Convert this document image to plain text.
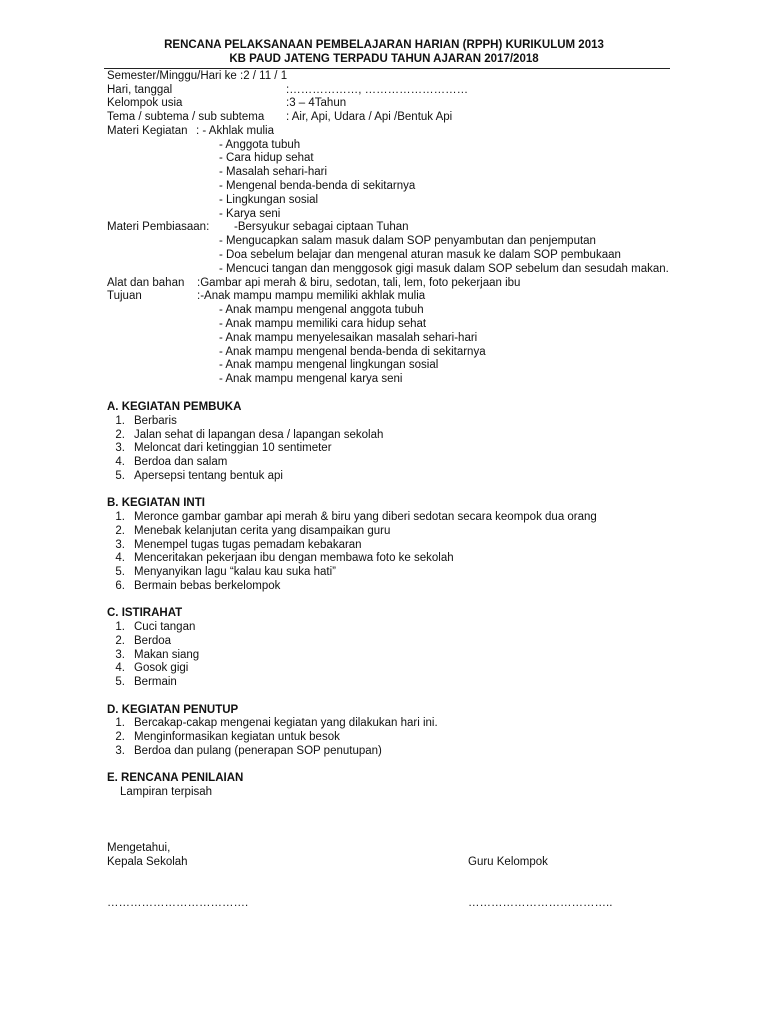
RENCANA PELAKSANAAN PEMBELAJARAN HARIAN (RPPH) KURIKULUM 2013
KB PAUD JATENG TERPADU TAHUN AJARAN 2017/2018
Semester/Minggu/Hari ke :2 / 11 / 1
Hari, tanggal	:………………, ………………………
Kelompok usia	:3 – 4Tahun
Tema / subtema / sub subtema : Air, Api, Udara / Api /Bentuk Api
Materi Kegiatan : - Akhlak mulia
- Anggota tubuh
- Cara hidup sehat
- Masalah sehari-hari
- Mengenal benda-benda di sekitarnya
- Lingkungan sosial
- Karya seni
Materi Pembiasaan: -Bersyukur sebagai ciptaan Tuhan
- Mengucapkan salam masuk dalam SOP penyambutan dan penjemputan
- Doa sebelum belajar dan mengenal aturan masuk ke dalam SOP pembukaan
- Mencuci tangan dan menggosok gigi masuk dalam SOP sebelum dan sesudah makan.
Alat dan bahan :Gambar api merah & biru, sedotan, tali, lem, foto pekerjaan ibu
Tujuan	:-Anak mampu mampu memiliki akhlak mulia
- Anak mampu mengenal anggota tubuh
- Anak mampu memiliki cara hidup sehat
- Anak mampu menyelesaikan masalah sehari-hari
- Anak mampu mengenal benda-benda di sekitarnya
- Anak mampu mengenal lingkungan sosial
- Anak mampu mengenal karya seni
A. KEGIATAN PEMBUKA
1. Berbaris
2. Jalan sehat di lapangan desa / lapangan sekolah
3. Meloncat dari ketinggian 10 sentimeter
4. Berdoa dan salam
5. Apersepsi tentang bentuk api
B. KEGIATAN INTI
1. Meronce gambar gambar api merah & biru yang diberi sedotan secara keompok dua orang
2. Menebak kelanjutan cerita yang disampaikan guru
3. Menempel tugas tugas pemadam kebakaran
4. Menceritakan pekerjaan ibu dengan membawa foto ke sekolah
5. Menyanyikan lagu “kalau kau suka hati”
6. Bermain bebas berkelompok
C. ISTIRAHAT
1. Cuci tangan
2. Berdoa
3. Makan siang
4. Gosok gigi
5. Bermain
D. KEGIATAN PENUTUP
1. Bercakap-cakap mengenai kegiatan yang dilakukan hari ini.
2. Menginformasikan kegiatan untuk besok
3. Berdoa dan pulang (penerapan SOP penutupan)
E. RENCANA PENILAIAN
Lampiran terpisah
Mengetahui,
Kepala Sekolah	Guru Kelompok
……………………………….	………………………………..
